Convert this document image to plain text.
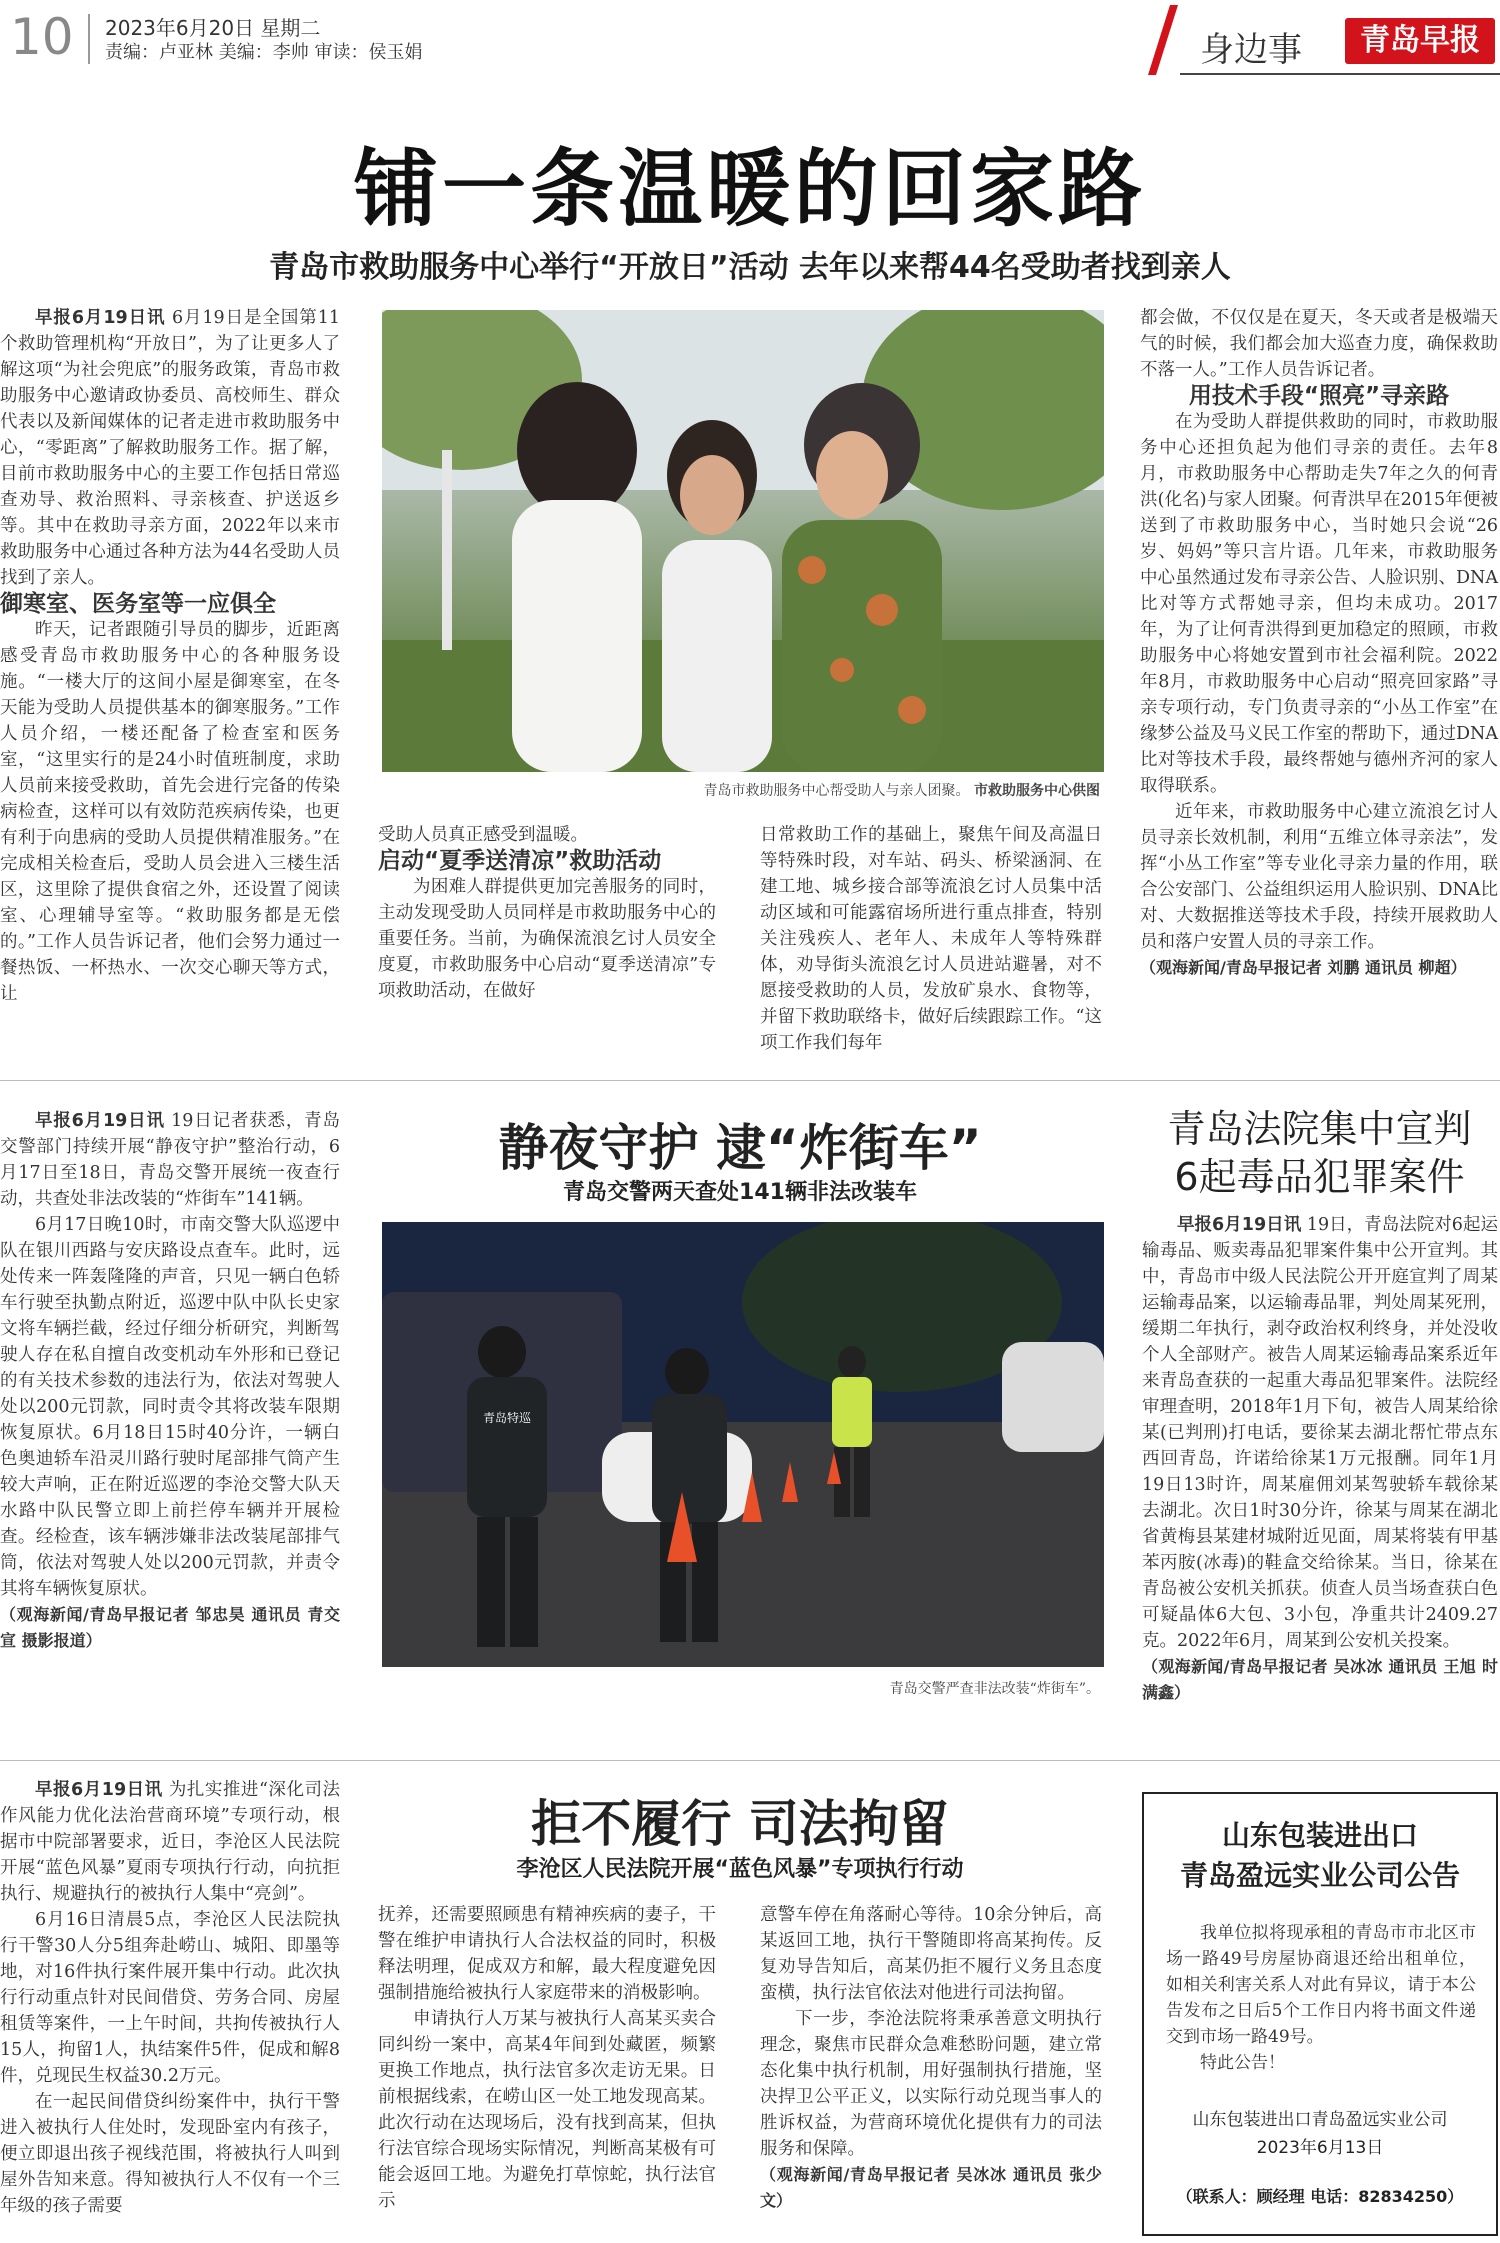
10 2023年6月20日 星期二
责编：卢亚林 美编：李帅 审读：侯玉娟	身边事	青岛早报
铺一条温暖的回家路
青岛市救助服务中心举行“开放日”活动 去年以来帮44名受助者找到亲人

早报6月19日讯 6月19日是全国第11个救助管理机构“开放日”，为了让更多人了解这项“为社会兜底”的服务政策，青岛市救助服务中心邀请政协委员、高校师生、群众代表以及新闻媒体的记者走进市救助服务中心，“零距离”了解救助服务工作。据了解，目前市救助服务中心的主要工作包括日常巡查劝导、救治照料、寻亲核查、护送返乡等。其中在救助寻亲方面，2022年以来市救助服务中心通过各种方法为44名受助人员找到了亲人。

御寒室、医务室等一应俱全

昨天，记者跟随引导员的脚步，近距离感受青岛市救助服务中心的各种服务设施。“一楼大厅的这间小屋是御寒室，在冬天能为受助人员提供基本的御寒服务。”工作人员介绍，一楼还配备了检查室和医务室，“这里实行的是24小时值班制度，求助人员前来接受救助，首先会进行完备的传染病检查，这样可以有效防范疾病传染，也更有利于向患病的受助人员提供精准服务。”在完成相关检查后，受助人员会进入三楼生活区，这里除了提供食宿之外，还设置了阅读室、心理辅导室等。“救助服务都是无偿的。”工作人员告诉记者，他们会努力通过一餐热饭、一杯热水、一次交心聊天等方式，让

青岛市救助服务中心帮受助人与亲人团聚。 市救助服务中心供图

受助人员真正感受到温暖。

启动“夏季送清凉”救助活动

为困难人群提供更加完善服务的同时，主动发现受助人员同样是市救助服务中心的重要任务。当前，为确保流浪乞讨人员安全度夏，市救助服务中心启动“夏季送清凉”专项救助活动，在做好

日常救助工作的基础上，聚焦午间及高温日等特殊时段，对车站、码头、桥梁涵洞、在建工地、城乡接合部等流浪乞讨人员集中活动区域和可能露宿场所进行重点排查，特别关注残疾人、老年人、未成年人等特殊群体，劝导街头流浪乞讨人员进站避暑，对不愿接受救助的人员，发放矿泉水、食物等，并留下救助联络卡，做好后续跟踪工作。“这项工作我们每年

都会做，不仅仅是在夏天，冬天或者是极端天气的时候，我们都会加大巡查力度，确保救助不落一人。”工作人员告诉记者。

用技术手段“照亮”寻亲路

在为受助人群提供救助的同时，市救助服务中心还担负起为他们寻亲的责任。去年8月，市救助服务中心帮助走失7年之久的何青洪(化名)与家人团聚。何青洪早在2015年便被送到了市救助服务中心，当时她只会说“26岁、妈妈”等只言片语。几年来，市救助服务中心虽然通过发布寻亲公告、人脸识别、DNA比对等方式帮她寻亲，但均未成功。2017年，为了让何青洪得到更加稳定的照顾，市救助服务中心将她安置到市社会福利院。2022年8月，市救助服务中心启动“照亮回家路”寻亲专项行动，专门负责寻亲的“小丛工作室”在缘梦公益及马义民工作室的帮助下，通过DNA比对等技术手段，最终帮她与德州齐河的家人取得联系。

近年来，市救助服务中心建立流浪乞讨人员寻亲长效机制，利用“五维立体寻亲法”，发挥“小丛工作室”等专业化寻亲力量的作用，联合公安部门、公益组织运用人脸识别、DNA比对、大数据推送等技术手段，持续开展救助人员和落户安置人员的寻亲工作。

（观海新闻/青岛早报记者 刘鹏 通讯员 柳超）

早报6月19日讯 19日记者获悉，青岛交警部门持续开展“静夜守护”整治行动，6月17日至18日，青岛交警开展统一夜查行动，共查处非法改装的“炸街车”141辆。

6月17日晚10时，市南交警大队巡逻中队在银川西路与安庆路设点查车。此时，远处传来一阵轰隆隆的声音，只见一辆白色轿车行驶至执勤点附近，巡逻中队中队长史家文将车辆拦截，经过仔细分析研究，判断驾驶人存在私自擅自改变机动车外形和已登记的有关技术参数的违法行为，依法对驾驶人处以200元罚款，同时责令其将改装车限期恢复原状。6月18日15时40分许，一辆白色奥迪轿车沿灵川路行驶时尾部排气筒产生较大声响，正在附近巡逻的李沧交警大队天水路中队民警立即上前拦停车辆并开展检查。经检查，该车辆涉嫌非法改装尾部排气筒，依法对驾驶人处以200元罚款，并责令其将车辆恢复原状。

（观海新闻/青岛早报记者 邹忠昊 通讯员 青交宣 摄影报道）

静夜守护 逮“炸街车”
青岛交警两天查处141辆非法改装车
青岛特巡
青岛交警严查非法改装“炸街车”。
青岛法院集中宣判
6起毒品犯罪案件

早报6月19日讯 19日，青岛法院对6起运输毒品、贩卖毒品犯罪案件集中公开宣判。其中，青岛市中级人民法院公开开庭宣判了周某运输毒品案，以运输毒品罪，判处周某死刑，缓期二年执行，剥夺政治权利终身，并处没收个人全部财产。被告人周某运输毒品案系近年来青岛查获的一起重大毒品犯罪案件。法院经审理查明，2018年1月下旬，被告人周某给徐某(已判刑)打电话，要徐某去湖北帮忙带点东西回青岛，许诺给徐某1万元报酬。同年1月19日13时许，周某雇佣刘某驾驶轿车载徐某去湖北。次日1时30分许，徐某与周某在湖北省黄梅县某建材城附近见面，周某将装有甲基苯丙胺(冰毒)的鞋盒交给徐某。当日，徐某在青岛被公安机关抓获。侦查人员当场查获白色可疑晶体6大包、3小包，净重共计2409.27克。2022年6月，周某到公安机关投案。

（观海新闻/青岛早报记者 吴冰冰 通讯员 王旭 时满鑫）

早报6月19日讯 为扎实推进“深化司法作风能力优化法治营商环境”专项行动，根据市中院部署要求，近日，李沧区人民法院开展“蓝色风暴”夏雨专项执行行动，向抗拒执行、规避执行的被执行人集中“亮剑”。

6月16日清晨5点，李沧区人民法院执行干警30人分5组奔赴崂山、城阳、即墨等地，对16件执行案件展开集中行动。此次执行行动重点针对民间借贷、劳务合同、房屋租赁等案件，一上午时间，共拘传被执行人15人，拘留1人，执结案件5件，促成和解8件，兑现民生权益30.2万元。

在一起民间借贷纠纷案件中，执行干警进入被执行人住处时，发现卧室内有孩子，便立即退出孩子视线范围，将被执行人叫到屋外告知来意。得知被执行人不仅有一个三年级的孩子需要

拒不履行 司法拘留
李沧区人民法院开展“蓝色风暴”专项执行行动

抚养，还需要照顾患有精神疾病的妻子，干警在维护申请执行人合法权益的同时，积极释法明理，促成双方和解，最大程度避免因强制措施给被执行人家庭带来的消极影响。

申请执行人万某与被执行人高某买卖合同纠纷一案中，高某4年间到处藏匿，频繁更换工作地点，执行法官多次走访无果。日前根据线索，在崂山区一处工地发现高某。此次行动在达现场后，没有找到高某，但执行法官综合现场实际情况，判断高某极有可能会返回工地。为避免打草惊蛇，执行法官示

意警车停在角落耐心等待。10余分钟后，高某返回工地，执行干警随即将高某拘传。反复劝导告知后，高某仍拒不履行义务且态度蛮横，执行法官依法对他进行司法拘留。

下一步，李沧法院将秉承善意文明执行理念，聚焦市民群众急难愁盼问题，建立常态化集中执行机制，用好强制执行措施，坚决捍卫公平正义，以实际行动兑现当事人的胜诉权益，为营商环境优化提供有力的司法服务和保障。

（观海新闻/青岛早报记者 吴冰冰 通讯员 张少文）

山东包装进出口
青岛盈远实业公司公告

我单位拟将现承租的青岛市市北区市场一路49号房屋协商退还给出租单位，如相关利害关系人对此有异议，请于本公告发布之日后5个工作日内将书面文件递交到市场一路49号。

特此公告！

山东包装进出口青岛盈远实业公司
2023年6月13日
（联系人：顾经理 电话：82834250）
